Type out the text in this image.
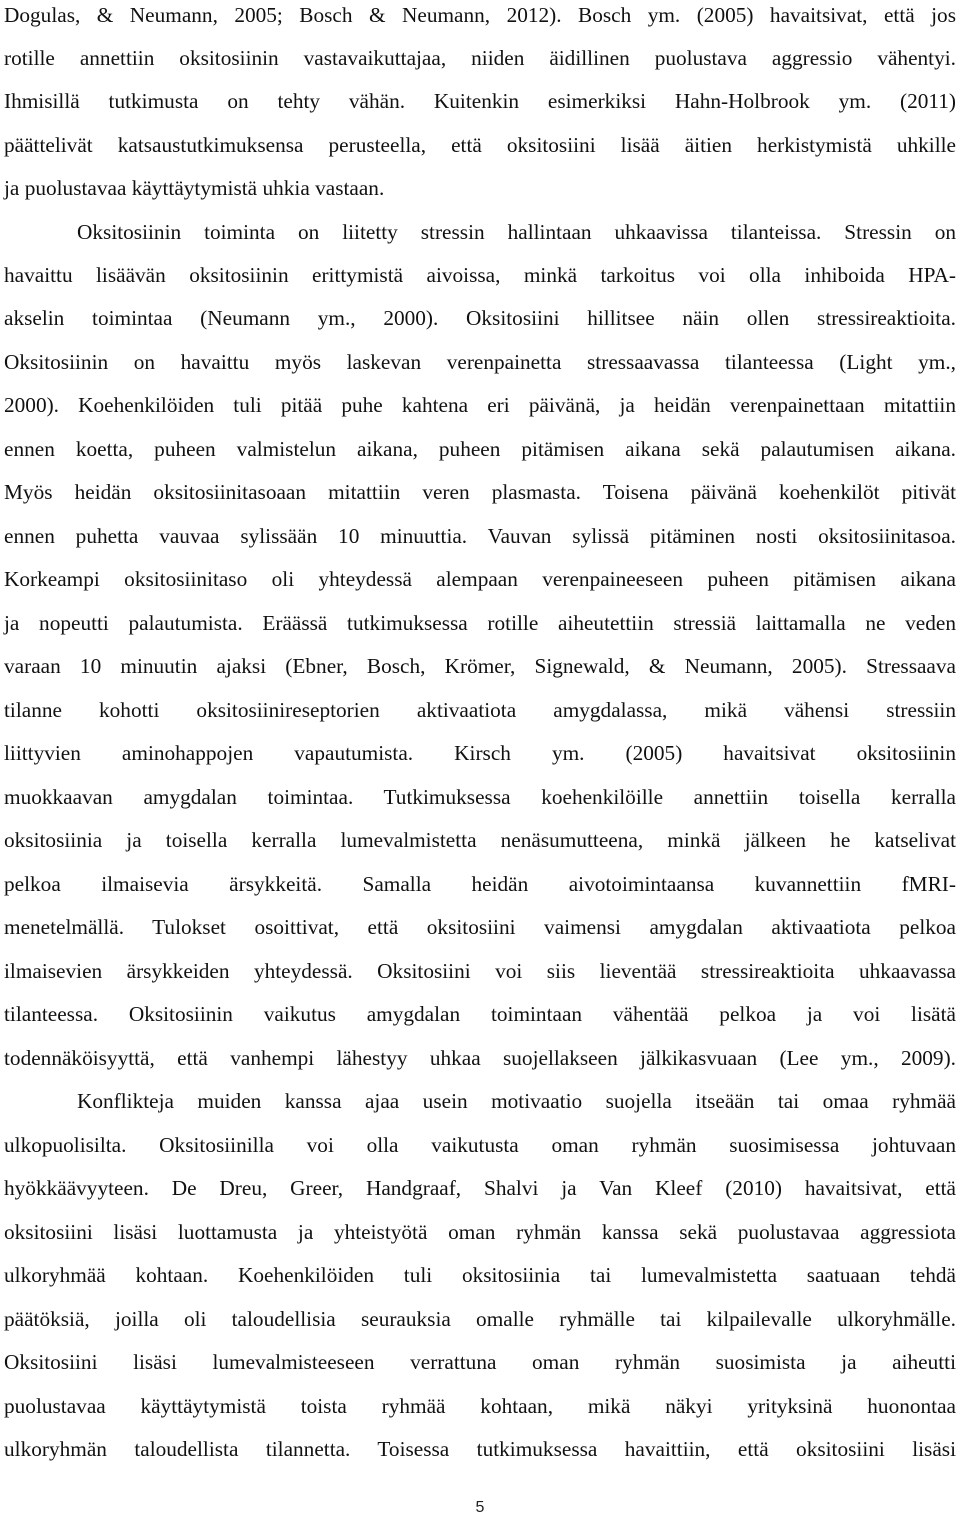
Dogulas, & Neumann, 2005; Bosch & Neumann, 2012). Bosch ym. (2005) havaitsivat, että jos
rotille annettiin oksitosiinin vastavaikuttajaa, niiden äidillinen puolustava aggressio vähentyi.
Ihmisillä tutkimusta on tehty vähän. Kuitenkin esimerkiksi Hahn-Holbrook ym. (2011)
päättelivät katsaustutkimuksensa perusteella, että oksitosiini lisää äitien herkistymistä uhkille
ja puolustavaa käyttäytymistä uhkia vastaan.
Oksitosiinin toiminta on liitetty stressin hallintaan uhkaavissa tilanteissa. Stressin on
havaittu lisäävän oksitosiinin erittymistä aivoissa, minkä tarkoitus voi olla inhiboida HPA-
akselin toimintaa (Neumann ym., 2000). Oksitosiini hillitsee näin ollen stressireaktioita.
Oksitosiinin on havaittu myös laskevan verenpainetta stressaavassa tilanteessa (Light ym.,
2000). Koehenkilöiden tuli pitää puhe kahtena eri päivänä, ja heidän verenpainettaan mitattiin
ennen koetta, puheen valmistelun aikana, puheen pitämisen aikana sekä palautumisen aikana.
Myös heidän oksitosiinitasoaan mitattiin veren plasmasta. Toisena päivänä koehenkilöt pitivät
ennen puhetta vauvaa sylissään 10 minuuttia. Vauvan sylissä pitäminen nosti oksitosiinitasoa.
Korkeampi oksitosiinitaso oli yhteydessä alempaan verenpaineeseen puheen pitämisen aikana
ja nopeutti palautumista. Eräässä tutkimuksessa rotille aiheutettiin stressiä laittamalla ne veden
varaan 10 minuutin ajaksi (Ebner, Bosch, Krömer, Signewald, & Neumann, 2005). Stressaava
tilanne kohotti oksitosiinireseptorien aktivaatiota amygdalassa, mikä vähensi stressiin
liittyvien aminohappojen vapautumista. Kirsch ym. (2005) havaitsivat oksitosiinin
muokkaavan amygdalan toimintaa. Tutkimuksessa koehenkilöille annettiin toisella kerralla
oksitosiinia ja toisella kerralla lumevalmistetta nenäsumutteena, minkä jälkeen he katselivat
pelkoa ilmaisevia ärsykkeitä. Samalla heidän aivotoimintaansa kuvannettiin fMRI-
menetelmällä. Tulokset osoittivat, että oksitosiini vaimensi amygdalan aktivaatiota pelkoa
ilmaisevien ärsykkeiden yhteydessä. Oksitosiini voi siis lieventää stressireaktioita uhkaavassa
tilanteessa. Oksitosiinin vaikutus amygdalan toimintaan vähentää pelkoa ja voi lisätä
todennäköisyyttä, että vanhempi lähestyy uhkaa suojellakseen jälkikasvuaan (Lee ym., 2009).
Konflikteja muiden kanssa ajaa usein motivaatio suojella itseään tai omaa ryhmää
ulkopuolisilta. Oksitosiinilla voi olla vaikutusta oman ryhmän suosimisessa johtuvaan
hyökkäävyyteen. De Dreu, Greer, Handgraaf, Shalvi ja Van Kleef (2010) havaitsivat, että
oksitosiini lisäsi luottamusta ja yhteistyötä oman ryhmän kanssa sekä puolustavaa aggressiota
ulkoryhmää kohtaan. Koehenkilöiden tuli oksitosiinia tai lumevalmistetta saatuaan tehdä
päätöksiä, joilla oli taloudellisia seurauksia omalle ryhmälle tai kilpailevalle ulkoryhmälle.
Oksitosiini lisäsi lumevalmisteeseen verrattuna oman ryhmän suosimista ja aiheutti
puolustavaa käyttäytymistä toista ryhmää kohtaan, mikä näkyi yrityksinä huonontaa
ulkoryhmän taloudellista tilannetta. Toisessa tutkimuksessa havaittiin, että oksitosiini lisäsi
5
